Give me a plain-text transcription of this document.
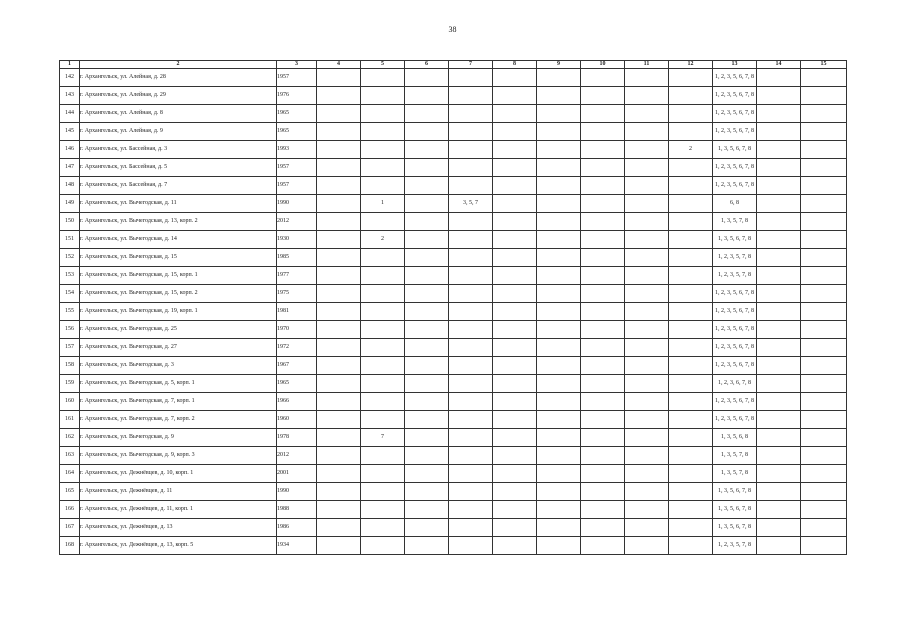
38
1	2	3	4	5	6	7	8	9	10	11	12	13	14	15
142	г. Архангельск, ул. Алейная, д. 28	1957										1, 2, 3, 5, 6, 7, 8		
143	г. Архангельск, ул. Алейная, д. 29	1976										1, 2, 3, 5, 6, 7, 8		
144	г. Архангельск, ул. Алейная, д. 8	1965										1, 2, 3, 5, 6, 7, 8		
145	г. Архангельск, ул. Алейная, д. 9	1965										1, 2, 3, 5, 6, 7, 8		
146	г. Архангельск, ул. Бассейная, д. 3	1993									2	1, 3, 5, 6, 7, 8		
147	г. Архангельск, ул. Бассейная, д. 5	1957										1, 2, 3, 5, 6, 7, 8		
148	г. Архангельск, ул. Бассейная, д. 7	1957										1, 2, 3, 5, 6, 7, 8		
149	г. Архангельск, ул. Вычегодская, д. 11	1990		1		3, 5, 7						6, 8		
150	г. Архангельск, ул. Вычегодская, д. 13, корп. 2	2012										1, 3, 5, 7, 8		
151	г. Архангельск, ул. Вычегодская, д. 14	1930		2								1, 3, 5, 6, 7, 8		
152	г. Архангельск, ул. Вычегодская, д. 15	1985										1, 2, 3, 5, 7, 8		
153	г. Архангельск, ул. Вычегодская, д. 15, корп. 1	1977										1, 2, 3, 5, 7, 8		
154	г. Архангельск, ул. Вычегодская, д. 15, корп. 2	1975										1, 2, 3, 5, 6, 7, 8		
155	г. Архангельск, ул. Вычегодская, д. 19, корп. 1	1981										1, 2, 3, 5, 6, 7, 8		
156	г. Архангельск, ул. Вычегодская, д. 25	1970										1, 2, 3, 5, 6, 7, 8		
157	г. Архангельск, ул. Вычегодская, д. 27	1972										1, 2, 3, 5, 6, 7, 8		
158	г. Архангельск, ул. Вычегодская, д. 3	1967										1, 2, 3, 5, 6, 7, 8		
159	г. Архангельск, ул. Вычегодская, д. 5, корп. 1	1965										1, 2, 3, 6, 7, 8		
160	г. Архангельск, ул. Вычегодская, д. 7, корп. 1	1966										1, 2, 3, 5, 6, 7, 8		
161	г. Архангельск, ул. Вычегодская, д. 7, корп. 2	1960										1, 2, 3, 5, 6, 7, 8		
162	г. Архангельск, ул. Вычегодская, д. 9	1978		7								1, 3, 5, 6, 8		
163	г. Архангельск, ул. Вычегодская, д. 9, корп. 3	2012										1, 3, 5, 7, 8		
164	г. Архангельск, ул. Дежнёвцев, д. 10, корп. 1	2001										1, 3, 5, 7, 8		
165	г. Архангельск, ул. Дежнёвцев, д. 11	1990										1, 3, 5, 6, 7, 8		
166	г. Архангельск, ул. Дежнёвцев, д. 11, корп. 1	1988										1, 3, 5, 6, 7, 8		
167	г. Архангельск, ул. Дежнёвцев, д. 13	1986										1, 3, 5, 6, 7, 8		
168	г. Архангельск, ул. Дежнёвцев, д. 13, корп. 5	1934										1, 2, 3, 5, 7, 8		
